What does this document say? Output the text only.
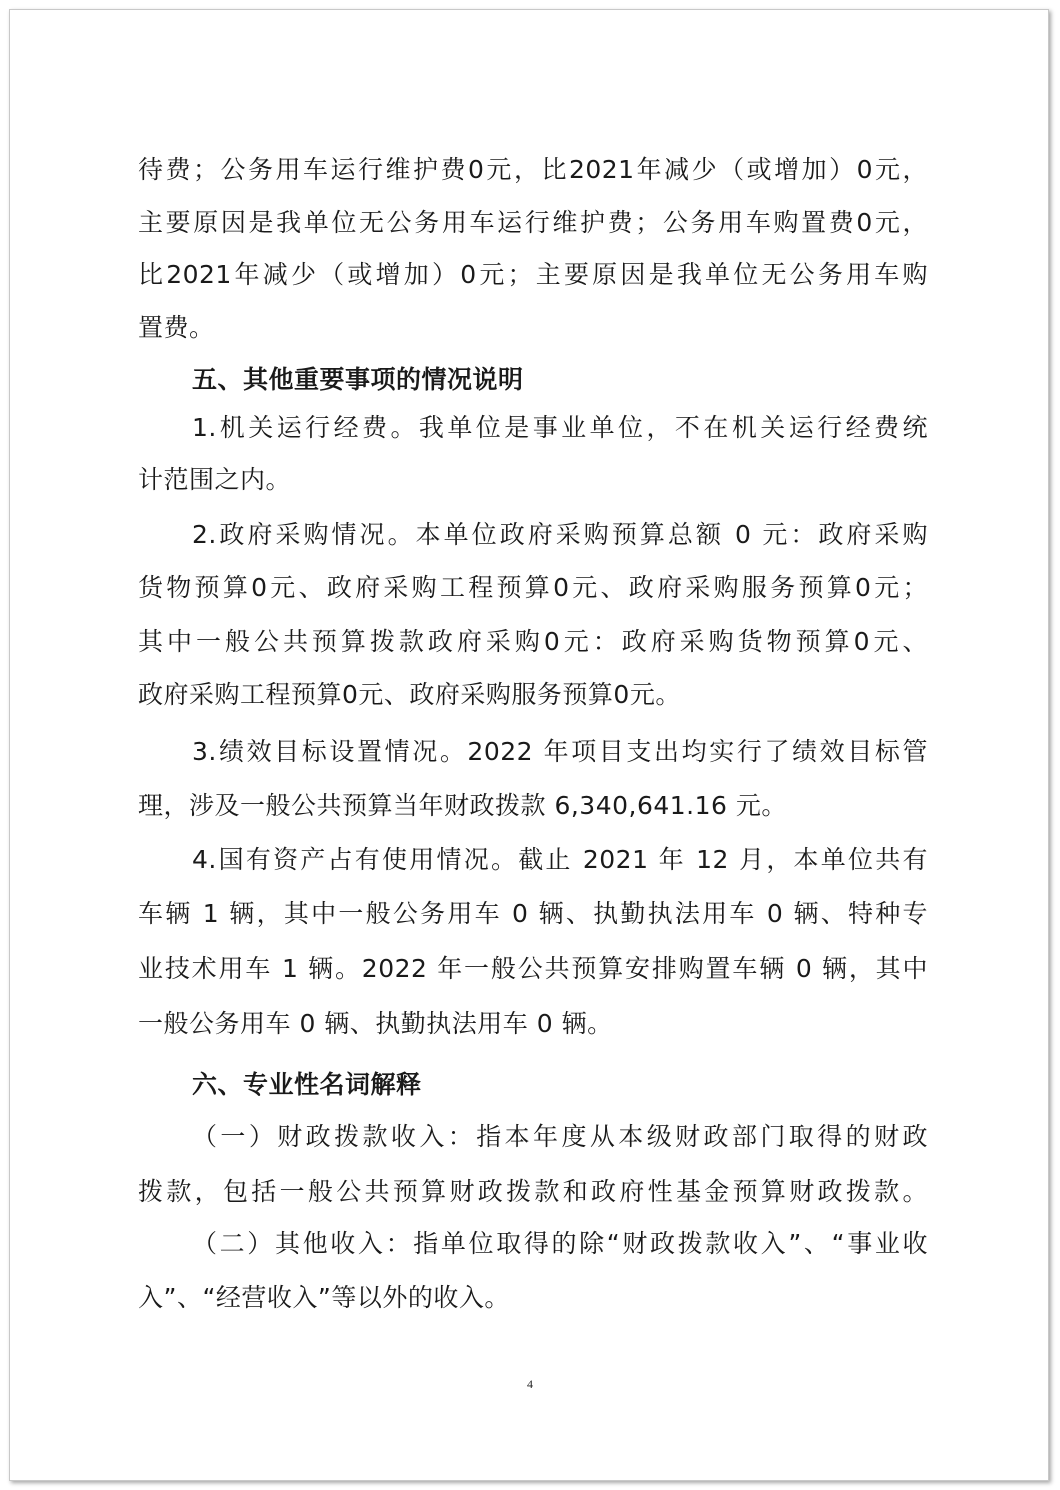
待费；公务用车运行维护费0元，比2021年减少（或增加）0元，
主要原因是我单位无公务用车运行维护费；公务用车购置费0元，
比2021年减少（或增加）0元；主要原因是我单位无公务用车购
置费。
五、其他重要事项的情况说明
1.机关运行经费。我单位是事业单位，不在机关运行经费统
计范围之内。
2.政府采购情况。本单位政府采购预算总额 0 元：政府采购
货物预算0元、政府采购工程预算0元、政府采购服务预算0元；
其中一般公共预算拨款政府采购0元：政府采购货物预算0元、
政府采购工程预算0元、政府采购服务预算0元。
3.绩效目标设置情况。2022 年项目支出均实行了绩效目标管
理，涉及一般公共预算当年财政拨款 6,340,641.16 元。
4.国有资产占有使用情况。截止 2021 年 12 月，本单位共有
车辆 1 辆，其中一般公务用车 0 辆、执勤执法用车 0 辆、特种专
业技术用车 1 辆。2022 年一般公共预算安排购置车辆 0 辆，其中
一般公务用车 0 辆、执勤执法用车 0 辆。
六、专业性名词解释
（一）财政拨款收入：指本年度从本级财政部门取得的财政
拨款，包括一般公共预算财政拨款和政府性基金预算财政拨款。
（二）其他收入：指单位取得的除“财政拨款收入”、“事业收
入”、“经营收入”等以外的收入。
4
